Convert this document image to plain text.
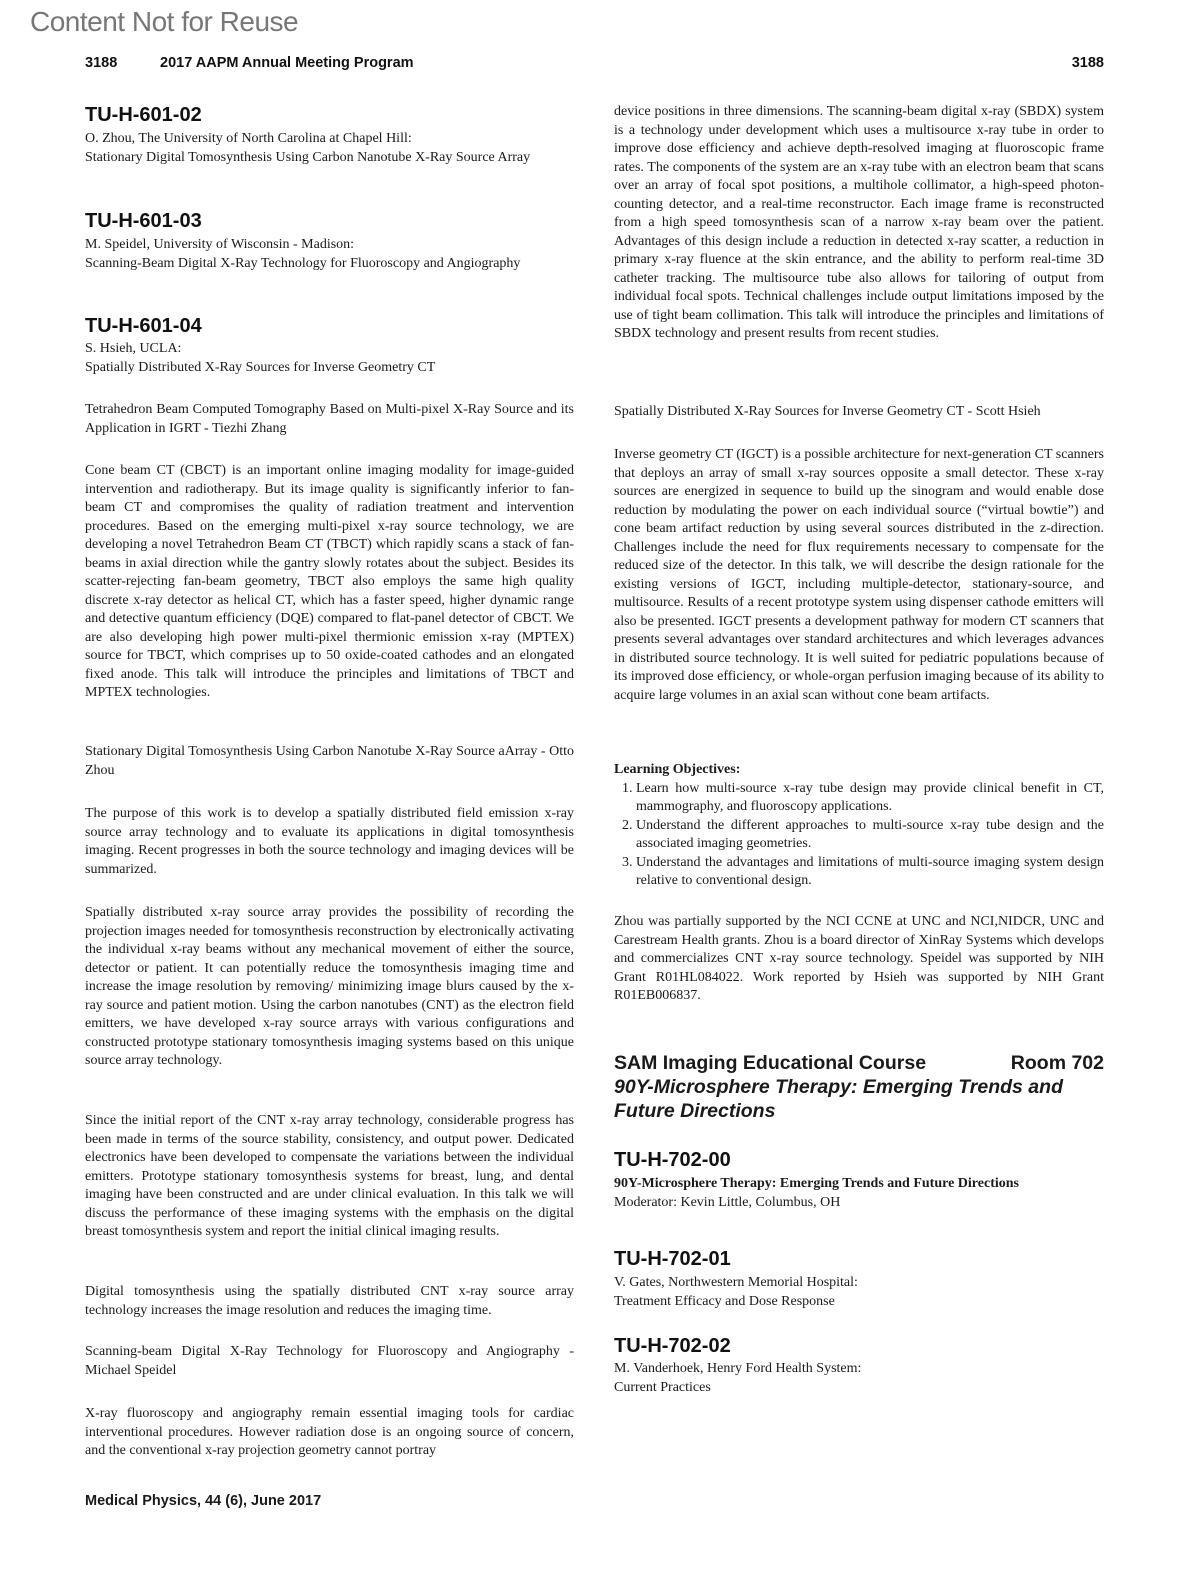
Content Not for Reuse
3188	2017 AAPM Annual Meeting Program	3188
TU-H-601-02
O. Zhou, The University of North Carolina at Chapel Hill:
Stationary Digital Tomosynthesis Using Carbon Nanotube X-Ray Source Array
TU-H-601-03
M. Speidel, University of Wisconsin - Madison:
Scanning-Beam Digital X-Ray Technology for Fluoroscopy and Angiography
TU-H-601-04
S. Hsieh, UCLA:
Spatially Distributed X-Ray Sources for Inverse Geometry CT
Tetrahedron Beam Computed Tomography Based on Multi-pixel X-Ray Source and its Application in IGRT - Tiezhi Zhang
Cone beam CT (CBCT) is an important online imaging modality for image-guided intervention and radiotherapy. But its image quality is significantly inferior to fan-beam CT and compromises the quality of radiation treatment and intervention procedures. Based on the emerging multi-pixel x-ray source technology, we are developing a novel Tetrahedron Beam CT (TBCT) which rapidly scans a stack of fan-beams in axial direction while the gantry slowly rotates about the subject. Besides its scatter-rejecting fan-beam geometry, TBCT also employs the same high quality discrete x-ray detector as helical CT, which has a faster speed, higher dynamic range and detective quantum efficiency (DQE) compared to flat-panel detector of CBCT. We are also developing high power multi-pixel thermionic emission x-ray (MPTEX) source for TBCT, which comprises up to 50 oxide-coated cathodes and an elongated fixed anode. This talk will introduce the principles and limitations of TBCT and MPTEX technologies.
Stationary Digital Tomosynthesis Using Carbon Nanotube X-Ray Source aArray - Otto Zhou
The purpose of this work is to develop a spatially distributed field emission x-ray source array technology and to evaluate its applications in digital tomosynthesis imaging. Recent progresses in both the source technology and imaging devices will be summarized.
Spatially distributed x-ray source array provides the possibility of recording the projection images needed for tomosynthesis reconstruction by electronically activating the individual x-ray beams without any mechanical movement of either the source, detector or patient. It can potentially reduce the tomosynthesis imaging time and increase the image resolution by removing/ minimizing image blurs caused by the x-ray source and patient motion. Using the carbon nanotubes (CNT) as the electron field emitters, we have developed x-ray source arrays with various configurations and constructed prototype stationary tomosynthesis imaging systems based on this unique source array technology.
Since the initial report of the CNT x-ray array technology, considerable progress has been made in terms of the source stability, consistency, and output power. Dedicated electronics have been developed to compensate the variations between the individual emitters. Prototype stationary tomosynthesis systems for breast, lung, and dental imaging have been constructed and are under clinical evaluation. In this talk we will discuss the performance of these imaging systems with the emphasis on the digital breast tomosynthesis system and report the initial clinical imaging results.
Digital tomosynthesis using the spatially distributed CNT x-ray source array technology increases the image resolution and reduces the imaging time.
Scanning-beam Digital X-Ray Technology for Fluoroscopy and Angiography - Michael Speidel
X-ray fluoroscopy and angiography remain essential imaging tools for cardiac interventional procedures. However radiation dose is an ongoing source of concern, and the conventional x-ray projection geometry cannot portray
device positions in three dimensions. The scanning-beam digital x-ray (SBDX) system is a technology under development which uses a multisource x-ray tube in order to improve dose efficiency and achieve depth-resolved imaging at fluoroscopic frame rates. The components of the system are an x-ray tube with an electron beam that scans over an array of focal spot positions, a multihole collimator, a high-speed photon-counting detector, and a real-time reconstructor. Each image frame is reconstructed from a high speed tomosynthesis scan of a narrow x-ray beam over the patient. Advantages of this design include a reduction in detected x-ray scatter, a reduction in primary x-ray fluence at the skin entrance, and the ability to perform real-time 3D catheter tracking. The multisource tube also allows for tailoring of output from individual focal spots. Technical challenges include output limitations imposed by the use of tight beam collimation. This talk will introduce the principles and limitations of SBDX technology and present results from recent studies.
Spatially Distributed X-Ray Sources for Inverse Geometry CT - Scott Hsieh
Inverse geometry CT (IGCT) is a possible architecture for next-generation CT scanners that deploys an array of small x-ray sources opposite a small detector. These x-ray sources are energized in sequence to build up the sinogram and would enable dose reduction by modulating the power on each individual source (“virtual bowtie”) and cone beam artifact reduction by using several sources distributed in the z-direction. Challenges include the need for flux requirements necessary to compensate for the reduced size of the detector. In this talk, we will describe the design rationale for the existing versions of IGCT, including multiple-detector, stationary-source, and multisource. Results of a recent prototype system using dispenser cathode emitters will also be presented. IGCT presents a development pathway for modern CT scanners that presents several advantages over standard architectures and which leverages advances in distributed source technology. It is well suited for pediatric populations because of its improved dose efficiency, or whole-organ perfusion imaging because of its ability to acquire large volumes in an axial scan without cone beam artifacts.
Learning Objectives:
1. Learn how multi-source x-ray tube design may provide clinical benefit in CT, mammography, and fluoroscopy applications.
2. Understand the different approaches to multi-source x-ray tube design and the associated imaging geometries.
3. Understand the advantages and limitations of multi-source imaging system design relative to conventional design.
Zhou was partially supported by the NCI CCNE at UNC and NCI,NIDCR, UNC and Carestream Health grants. Zhou is a board director of XinRay Systems which develops and commercializes CNT x-ray source technology. Speidel was supported by NIH Grant R01HL084022. Work reported by Hsieh was supported by NIH Grant R01EB006837.
SAM Imaging Educational Course	Room 702
90Y-Microsphere Therapy: Emerging Trends and Future Directions
TU-H-702-00
90Y-Microsphere Therapy: Emerging Trends and Future Directions
Moderator: Kevin Little, Columbus, OH
TU-H-702-01
V. Gates, Northwestern Memorial Hospital:
Treatment Efficacy and Dose Response
TU-H-702-02
M. Vanderhoek, Henry Ford Health System:
Current Practices
Medical Physics, 44 (6), June 2017
